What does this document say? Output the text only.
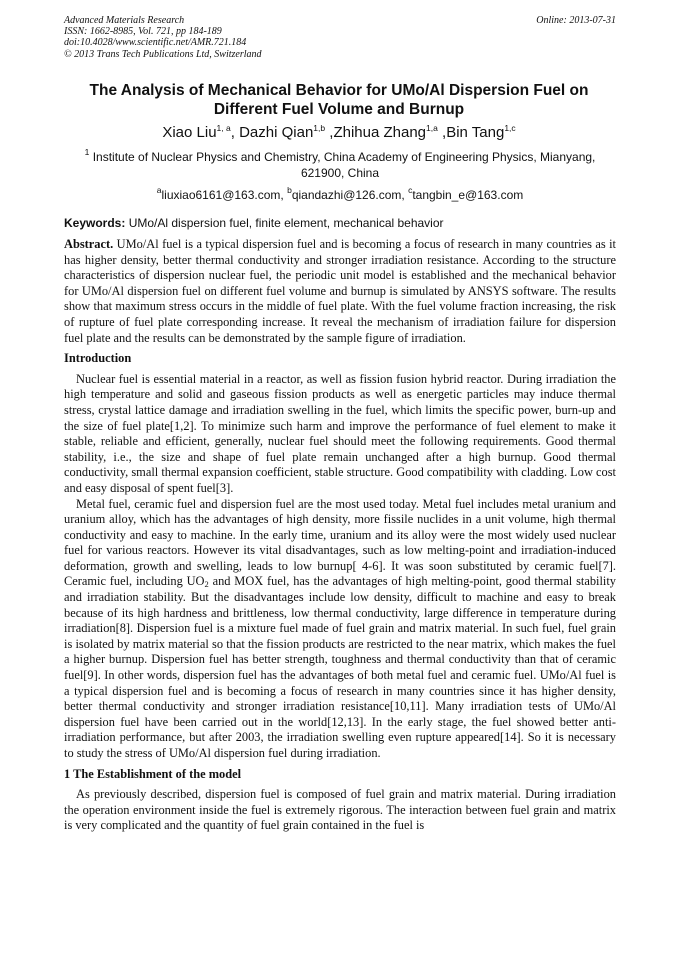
Advanced Materials Research
ISSN: 1662-8985, Vol. 721, pp 184-189
doi:10.4028/www.scientific.net/AMR.721.184
© 2013 Trans Tech Publications Ltd, Switzerland
Online: 2013-07-31
The Analysis of Mechanical Behavior for UMo/Al Dispersion Fuel on Different Fuel Volume and Burnup
Xiao Liu$^{1, a}$, Dazhi Qian$^{1,b}$ ,Zhihua Zhang$^{1,a}$ ,Bin Tang$^{1,c}$
$^1$ Institute of Nuclear Physics and Chemistry, China Academy of Engineering Physics, Mianyang, 621900, China
$^a$liuxiao6161@163.com, $^b$qiandazhi@126.com, $^c$tangbin_e@163.com
Keywords: UMo/Al dispersion fuel, finite element, mechanical behavior

Abstract. UMo/Al fuel is a typical dispersion fuel and is becoming a focus of research in many countries as it has higher density, better thermal conductivity and stronger irradiation resistance. According to the structure characteristics of dispersion nuclear fuel, the periodic unit model is established and the mechanical behavior for UMo/Al dispersion fuel on different fuel volume and burnup is simulated by ANSYS software. The results show that maximum stress occurs in the middle of fuel plate. With the fuel volume fraction increasing, the risk of rupture of fuel plate corresponding increase. It reveal the mechanism of irradiation failure for dispersion fuel plate and the results can be demonstrated by the sample figure of irradiation.

Introduction

Nuclear fuel is essential material in a reactor, as well as fission fusion hybrid reactor. During irradiation the high temperature and solid and gaseous fission products as well as energetic particles may induce thermal stress, crystal lattice damage and irradiation swelling in the fuel, which limits the specific power, burn-up and the size of fuel plate[1,2]. To minimize such harm and improve the performance of fuel element to make it stable, reliable and efficient, generally, nuclear fuel should meet the following requirements. Good thermal stability, i.e., the size and shape of fuel plate remain unchanged after a high burnup. Good thermal conductivity, small thermal expansion coefficient, stable structure. Good compatibility with cladding. Low cost and easy disposal of spent fuel[3].

Metal fuel, ceramic fuel and dispersion fuel are the most used today. Metal fuel includes metal uranium and uranium alloy, which has the advantages of high density, more fissile nuclides in a unit volume, high thermal conductivity and easy to machine. In the early time, uranium and its alloy were the most widely used nuclear fuel for various reactors. However its vital disadvantages, such as low melting-point and irradiation-induced deformation, growth and swelling, leads to low burnup[ 4-6]. It was soon substituted by ceramic fuel[7]. Ceramic fuel, including $UO_2$ and MOX fuel, has the advantages of high melting-point, good thermal stability and irradiation stability. But the disadvantages include low density, difficult to machine and easy to break because of its high hardness and brittleness, low thermal conductivity, large difference in temperature during irradiation[8]. Dispersion fuel is a mixture fuel made of fuel grain and matrix material. In such fuel, fuel grain is isolated by matrix material so that the fission products are restricted to the near matrix, which makes the fuel a higher burnup. Dispersion fuel has better strength, toughness and thermal conductivity than that of ceramic fuel[9]. In other words, dispersion fuel has the advantages of both metal fuel and ceramic fuel. UMo/Al fuel is a typical dispersion fuel and is becoming a focus of research in many countries since it has higher density, better thermal conductivity and stronger irradiation resistance[10,11]. Many irradiation tests of UMo/Al dispersion fuel have been carried out in the world[12,13]. In the early stage, the fuel showed better anti-irradiation performance, but after 2003, the irradiation swelling even rupture appeared[14]. So it is necessary to study the stress of UMo/Al dispersion fuel during irradiation.

1 The Establishment of the model

As previously described, dispersion fuel is composed of fuel grain and matrix material. During irradiation the operation environment inside the fuel is extremely rigorous. The interaction between fuel grain and matrix is very complicated and the quantity of fuel grain contained in the fuel is
